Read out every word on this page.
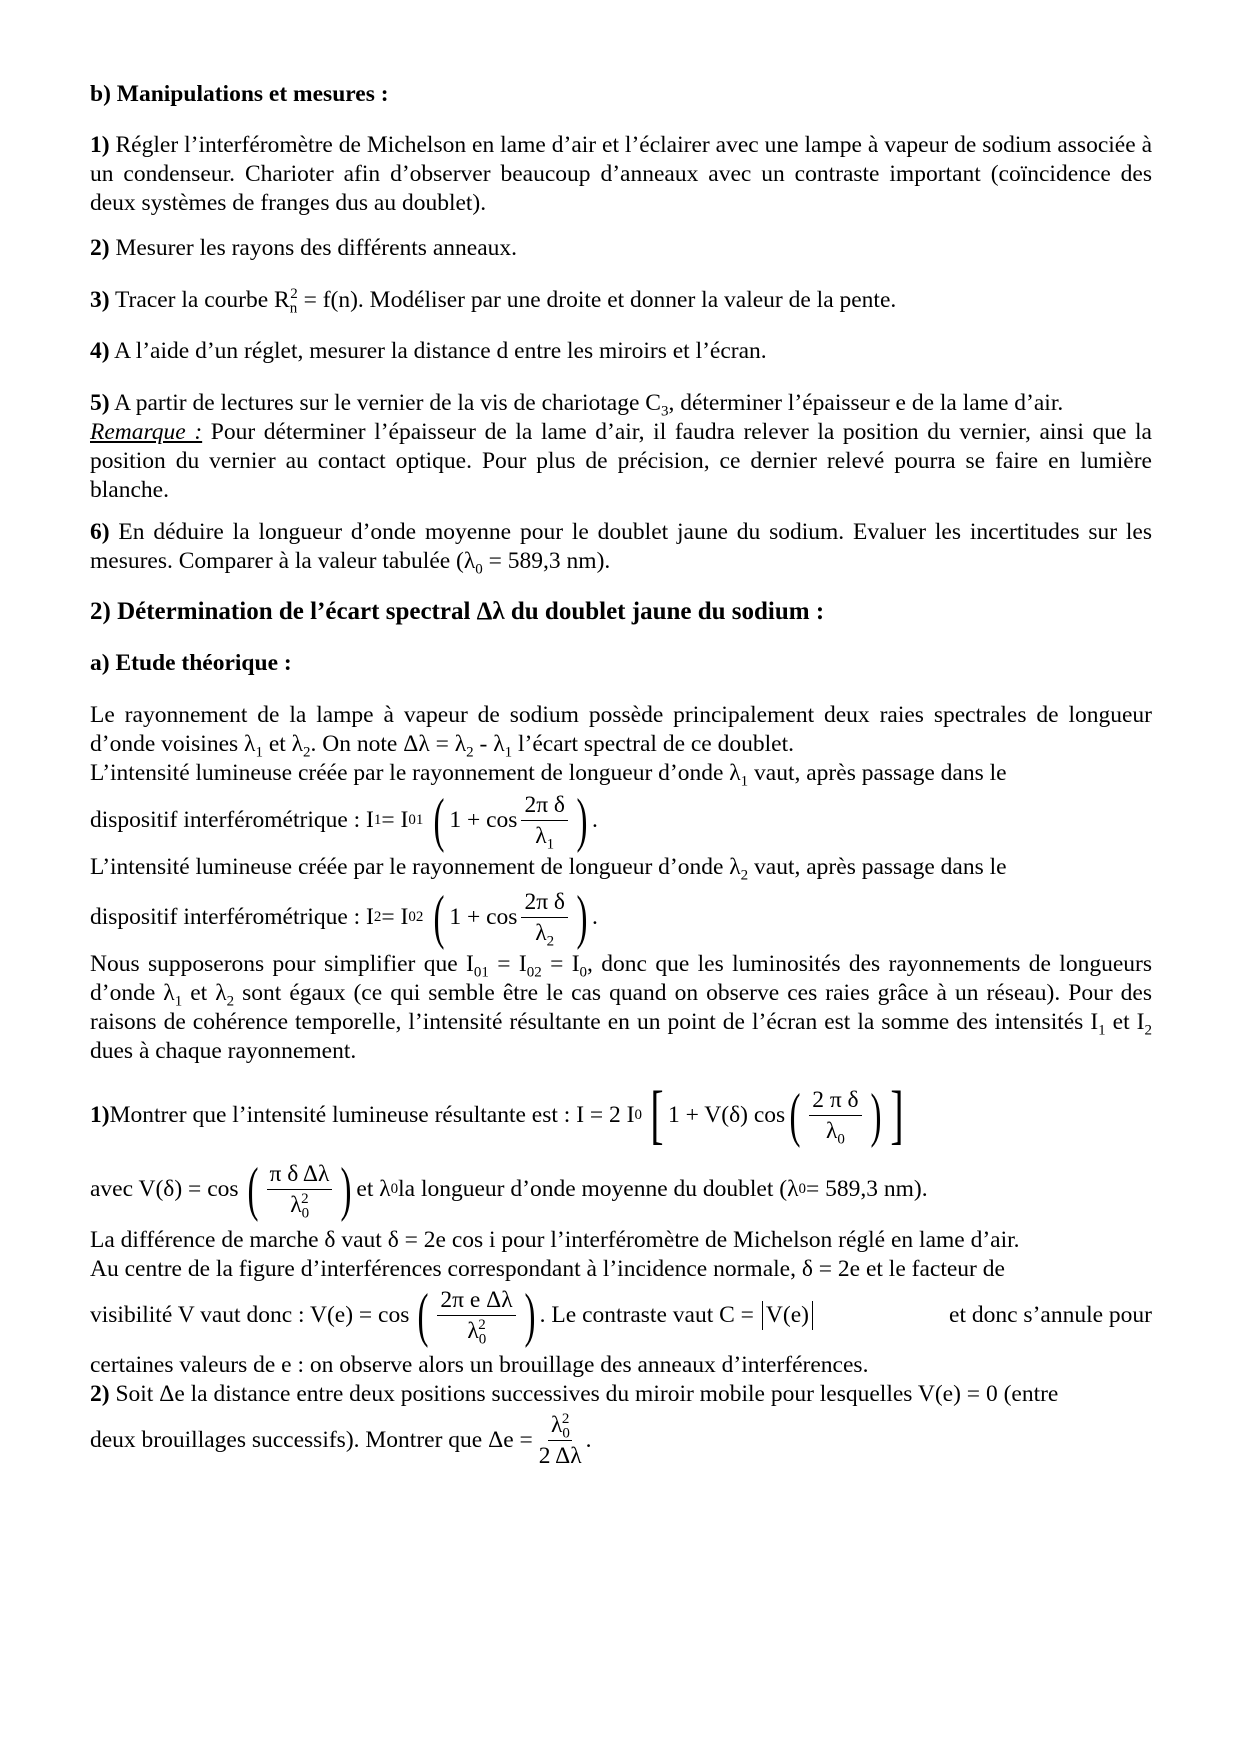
b) Manipulations et mesures :
1) Régler l’interféromètre de Michelson en lame d’air et l’éclairer avec une lampe à vapeur de sodium associée à un condenseur. Charioter afin d’observer beaucoup d’anneaux avec un contraste important (coïncidence des deux systèmes de franges dus au doublet).
2) Mesurer les rayons des différents anneaux.
3) Tracer la courbe $R_n^2 = f(n)$. Modéliser par une droite et donner la valeur de la pente.
4) A l’aide d’un réglet, mesurer la distance d entre les miroirs et l’écran.
5) A partir de lectures sur le vernier de la vis de chariotage $C_3$, déterminer l’épaisseur e de la lame d’air.
Remarque : Pour déterminer l’épaisseur de la lame d’air, il faudra relever la position du vernier, ainsi que la position du vernier au contact optique. Pour plus de précision, ce dernier relevé pourra se faire en lumière blanche.
6) En déduire la longueur d’onde moyenne pour le doublet jaune du sodium. Evaluer les incertitudes sur les mesures. Comparer à la valeur tabulée ($\lambda_0 = 589,3$ nm).
2) Détermination de l’écart spectral Δλ du doublet jaune du sodium :
a) Etude théorique :
Le rayonnement de la lampe à vapeur de sodium possède principalement deux raies spectrales de longueur d’onde voisines $\lambda_1$ et $\lambda_2$. On note $\Delta\lambda = \lambda_2 - \lambda_1$ l’écart spectral de ce doublet.
L’intensité lumineuse créée par le rayonnement de longueur d’onde $\lambda_1$ vaut, après passage dans le
dispositif interférométrique : I 1 = I 01 ( $1 + \cos \frac{\text{2π δ}}{\lambda_1}$ ) .
L’intensité lumineuse créée par le rayonnement de longueur d’onde $\lambda_2$ vaut, après passage dans le
dispositif interférométrique : I 2 = I 02 ( $1 + \cos \frac{\text{2π δ}}{\lambda_2}$ ) .
Nous supposerons pour simplifier que $I_{01} = I_{02} = I_0$, donc que les luminosités des rayonnements de longueurs d’onde $\lambda_1$ et $\lambda_2$ sont égaux (ce qui semble être le cas quand on observe ces raies grâce à un réseau). Pour des raisons de cohérence temporelle, l’intensité résultante en un point de l’écran est la somme des intensités $I_1$ et $I_2$ dues à chaque rayonnement.
1) Montrer que l’intensité lumineuse résultante est : I = 2 I 0 [ 1 + V(δ) cos ( $\frac{\text{2 π δ}}{\lambda_0}$ ) ]
avec V(δ) = cos ( $\frac{\text{π δ Δλ}}{\lambda_0^2}$ ) et λ 0 la longueur d’onde moyenne du doublet (λ 0 = 589,3 nm).
La différence de marche δ vaut δ = 2e cos i pour l’interféromètre de Michelson réglé en lame d’air.
Au centre de la figure d’interférences correspondant à l’incidence normale, δ = 2e et le facteur de
visibilité V vaut donc : V(e) = cos ( $\frac{\text{2π e Δλ}}{\lambda_0^2}$ ) . Le contraste vaut C = V(e)	et donc s’annule pour
certaines valeurs de e : on observe alors un brouillage des anneaux d’interférences.
2) Soit Δe la distance entre deux positions successives du miroir mobile pour lesquelles V(e) = 0 (entre
deux brouillages successifs). Montrer que $\Delta e = \frac{\lambda_0^2}{2 \Delta\lambda}$ .
